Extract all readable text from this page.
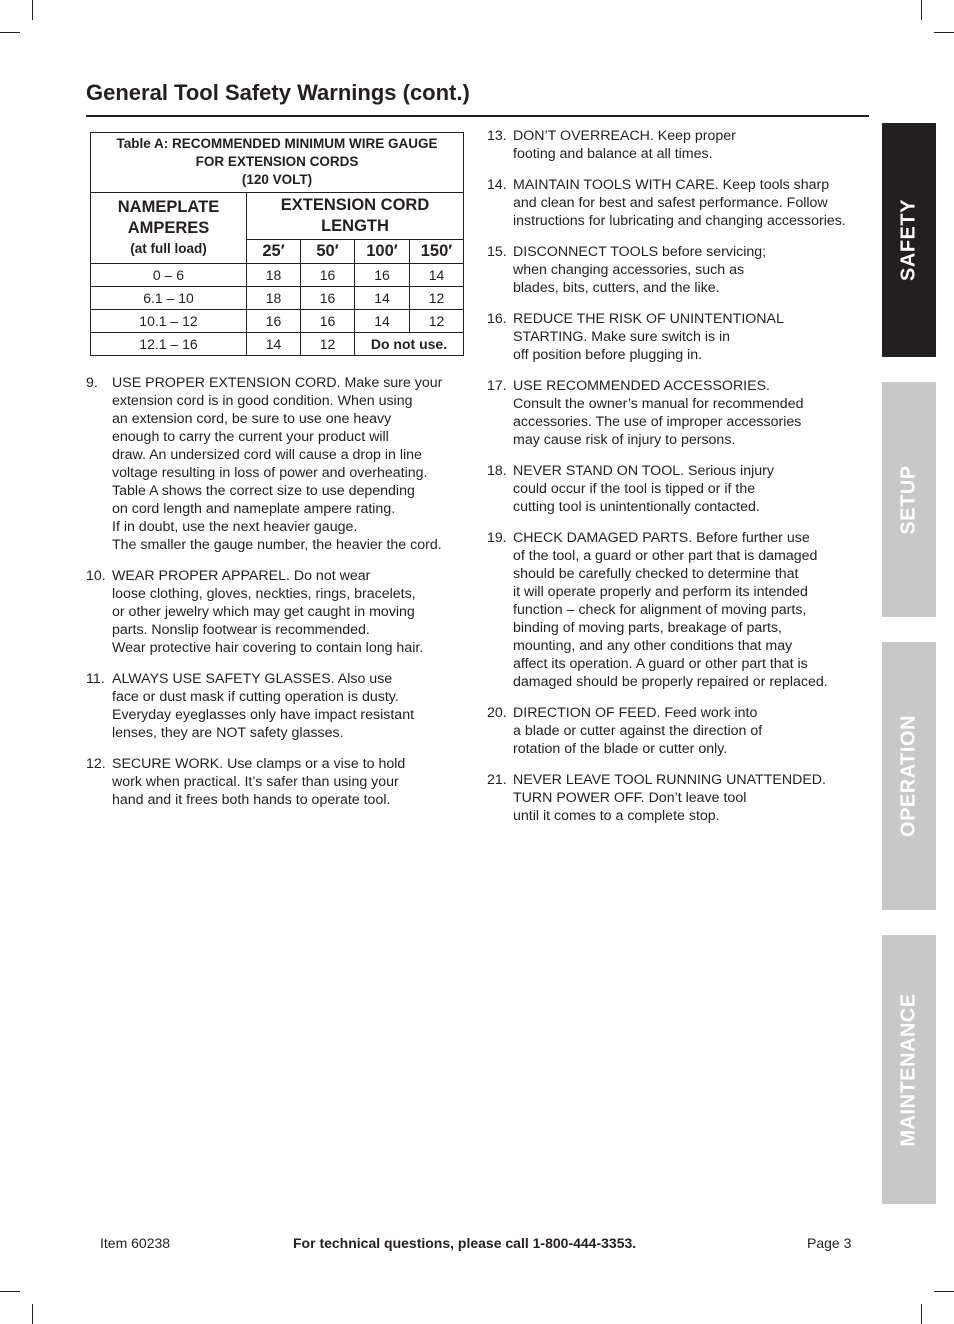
General Tool Safety Warnings (cont.)
Table A: RECOMMENDED MINIMUM WIRE GAUGE
FOR EXTENSION CORDS
(120 VOLT)				

NAMEPLATE
AMPERES
(at full load)	EXTENSION CORD
LENGTH			

	25′	50′	100′	150′
0 – 6	18	16	16	14
6.1 – 10	18	16	14	12
10.1 – 12	16	16	14	12
12.1 – 16	14	12	Do not use.	
9. USE PROPER EXTENSION CORD. Make sure your
extension cord is in good condition. When using
an extension cord, be sure to use one heavy
enough to carry the current your product will
draw. An undersized cord will cause a drop in line
voltage resulting in loss of power and overheating.
Table A shows the correct size to use depending
on cord length and nameplate ampere rating.
If in doubt, use the next heavier gauge.
The smaller the gauge number, the heavier the cord.
10. WEAR PROPER APPAREL. Do not wear
loose clothing, gloves, neckties, rings, bracelets,
or other jewelry which may get caught in moving
parts. Nonslip footwear is recommended.
Wear protective hair covering to contain long hair.
11. ALWAYS USE SAFETY GLASSES. Also use
face or dust mask if cutting operation is dusty.
Everyday eyeglasses only have impact resistant
lenses, they are NOT safety glasses.
12. SECURE WORK. Use clamps or a vise to hold
work when practical. It’s safer than using your
hand and it frees both hands to operate tool.
13. DON’T OVERREACH. Keep proper
footing and balance at all times.
14. MAINTAIN TOOLS WITH CARE. Keep tools sharp
and clean for best and safest performance. Follow
instructions for lubricating and changing accessories.
15. DISCONNECT TOOLS before servicing;
when changing accessories, such as
blades, bits, cutters, and the like.
16. REDUCE THE RISK OF UNINTENTIONAL
STARTING. Make sure switch is in
off position before plugging in.
17. USE RECOMMENDED ACCESSORIES.
Consult the owner’s manual for recommended
accessories. The use of improper accessories
may cause risk of injury to persons.
18. NEVER STAND ON TOOL. Serious injury
could occur if the tool is tipped or if the
cutting tool is unintentionally contacted.
19. CHECK DAMAGED PARTS. Before further use
of the tool, a guard or other part that is damaged
should be carefully checked to determine that
it will operate properly and perform its intended
function – check for alignment of moving parts,
binding of moving parts, breakage of parts,
mounting, and any other conditions that may
affect its operation. A guard or other part that is
damaged should be properly repaired or replaced.
20. DIRECTION OF FEED. Feed work into
a blade or cutter against the direction of
rotation of the blade or cutter only.
21. NEVER LEAVE TOOL RUNNING UNATTENDED.
TURN POWER OFF. Don’t leave tool
until it comes to a complete stop.
SAFETY
SETUP
OPERATION
MAINTENANCE
Item 60238	For technical questions, please call 1-800-444-3353.	Page 3
